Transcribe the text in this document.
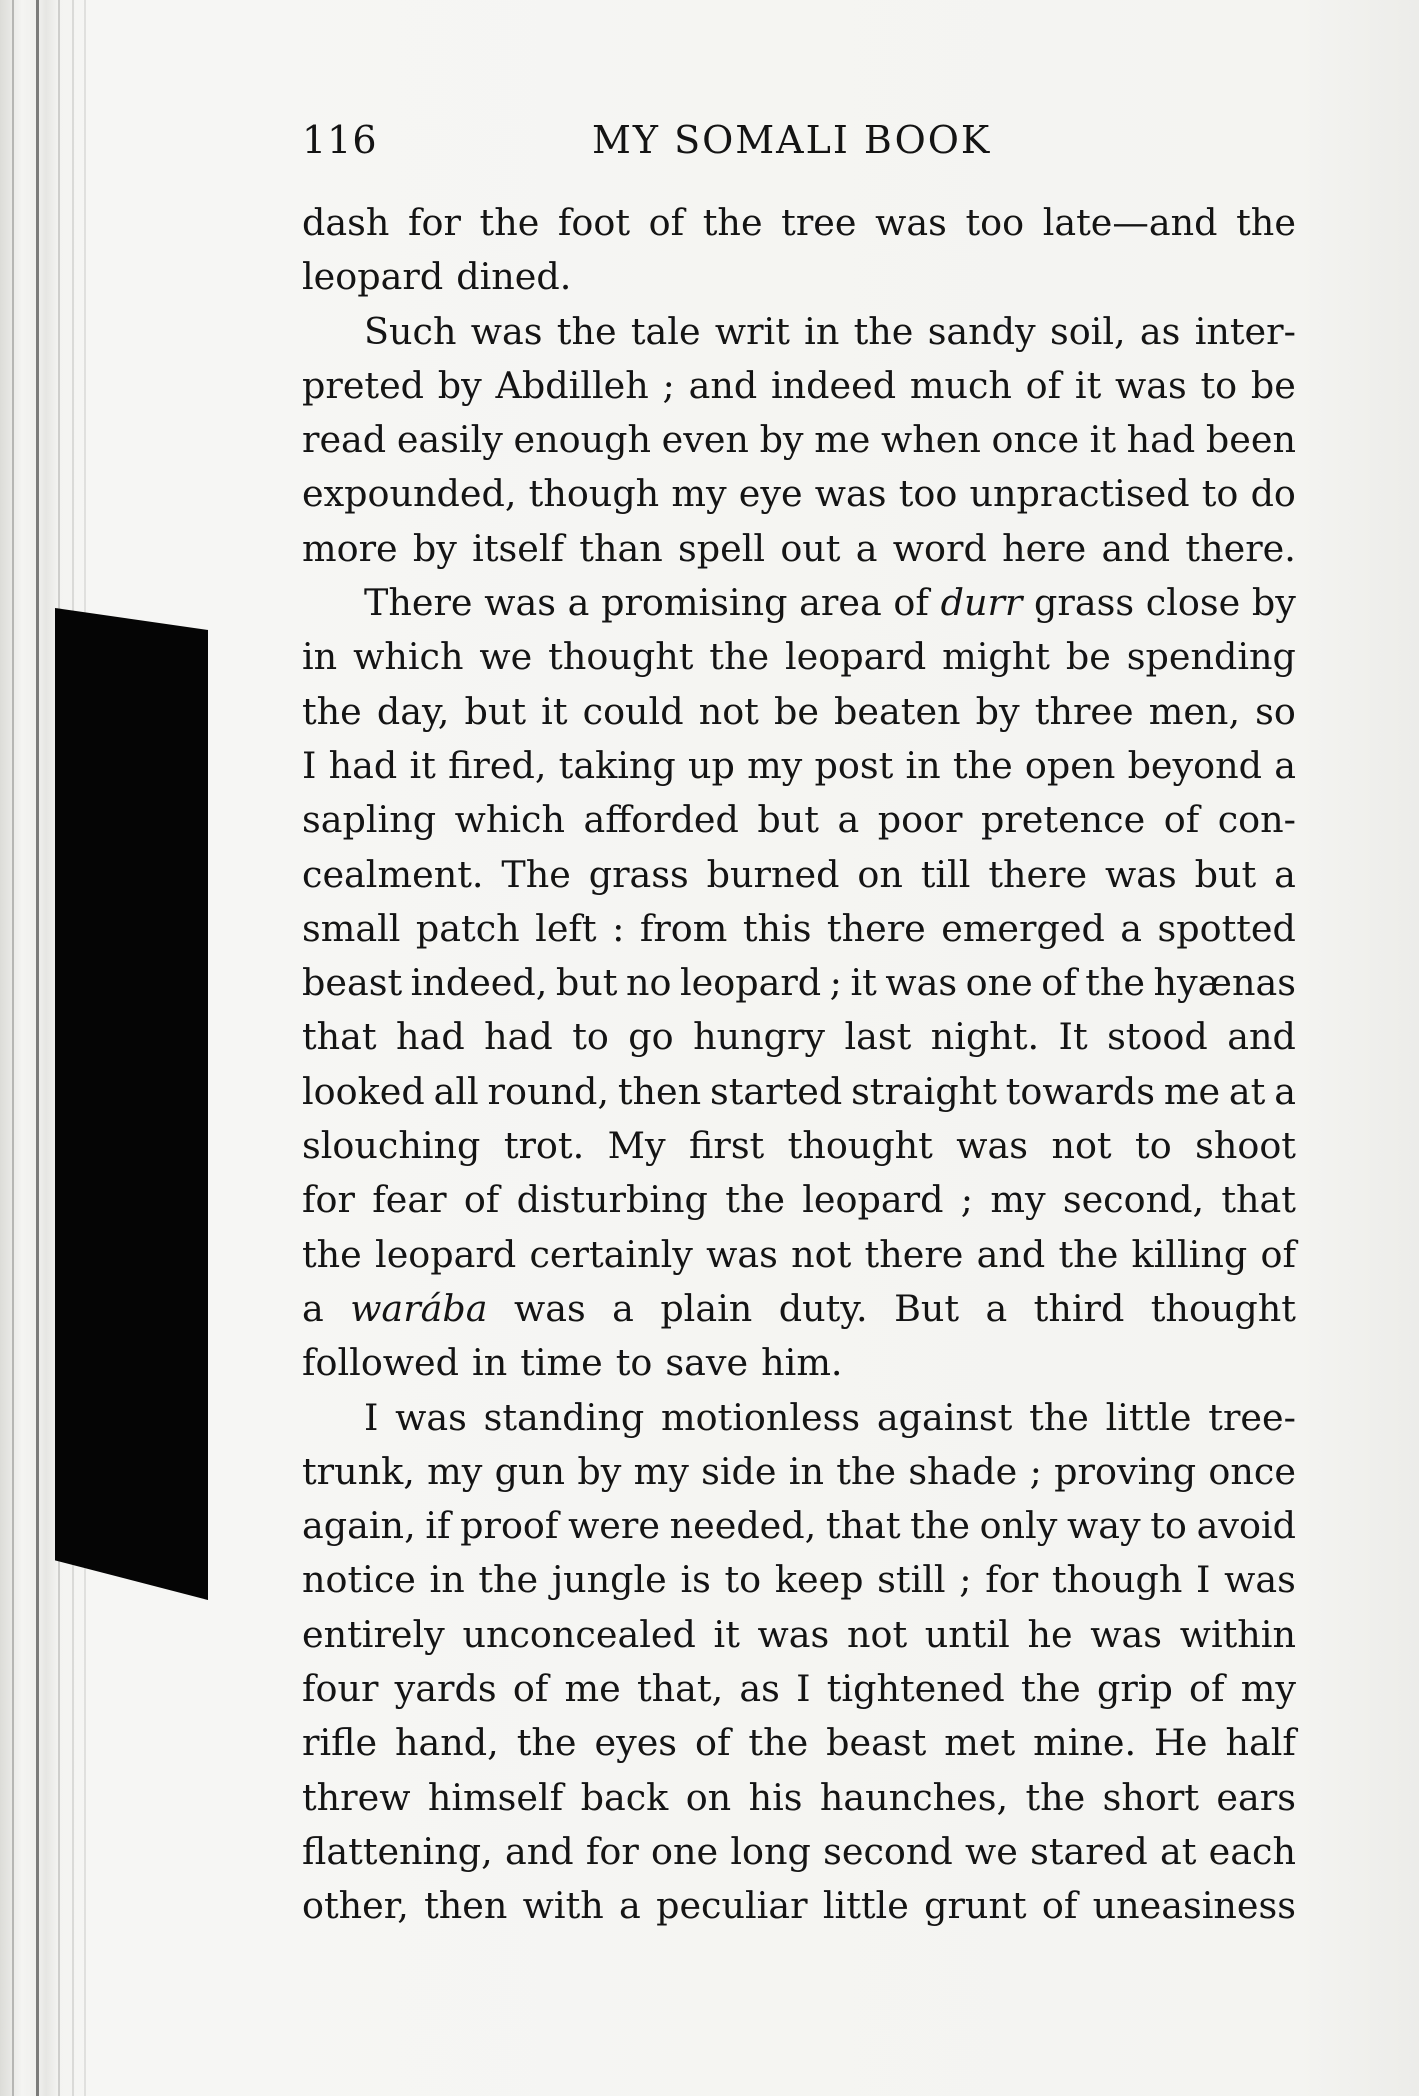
116	MY SOMALI BOOK
dash for the foot of the tree was too late—and the
leopard dined.
Such was the tale writ in the sandy soil, as inter-
preted by Abdilleh ; and indeed much of it was to be
read easily enough even by me when once it had been
expounded, though my eye was too unpractised to do
more by itself than spell out a word here and there.
There was a promising area of durr grass close by
in which we thought the leopard might be spending
the day, but it could not be beaten by three men, so
I had it fired, taking up my post in the open beyond a
sapling which afforded but a poor pretence of con-
cealment. The grass burned on till there was but a
small patch left : from this there emerged a spotted
beast indeed, but no leopard ; it was one of the hyænas
that had had to go hungry last night. It stood and
looked all round, then started straight towards me at a
slouching trot. My first thought was not to shoot
for fear of disturbing the leopard ; my second, that
the leopard certainly was not there and the killing of
a warába was a plain duty. But a third thought
followed in time to save him.
I was standing motionless against the little tree-
trunk, my gun by my side in the shade ; proving once
again, if proof were needed, that the only way to avoid
notice in the jungle is to keep still ; for though I was
entirely unconcealed it was not until he was within
four yards of me that, as I tightened the grip of my
rifle hand, the eyes of the beast met mine. He half
threw himself back on his haunches, the short ears
flattening, and for one long second we stared at each
other, then with a peculiar little grunt of uneasiness
